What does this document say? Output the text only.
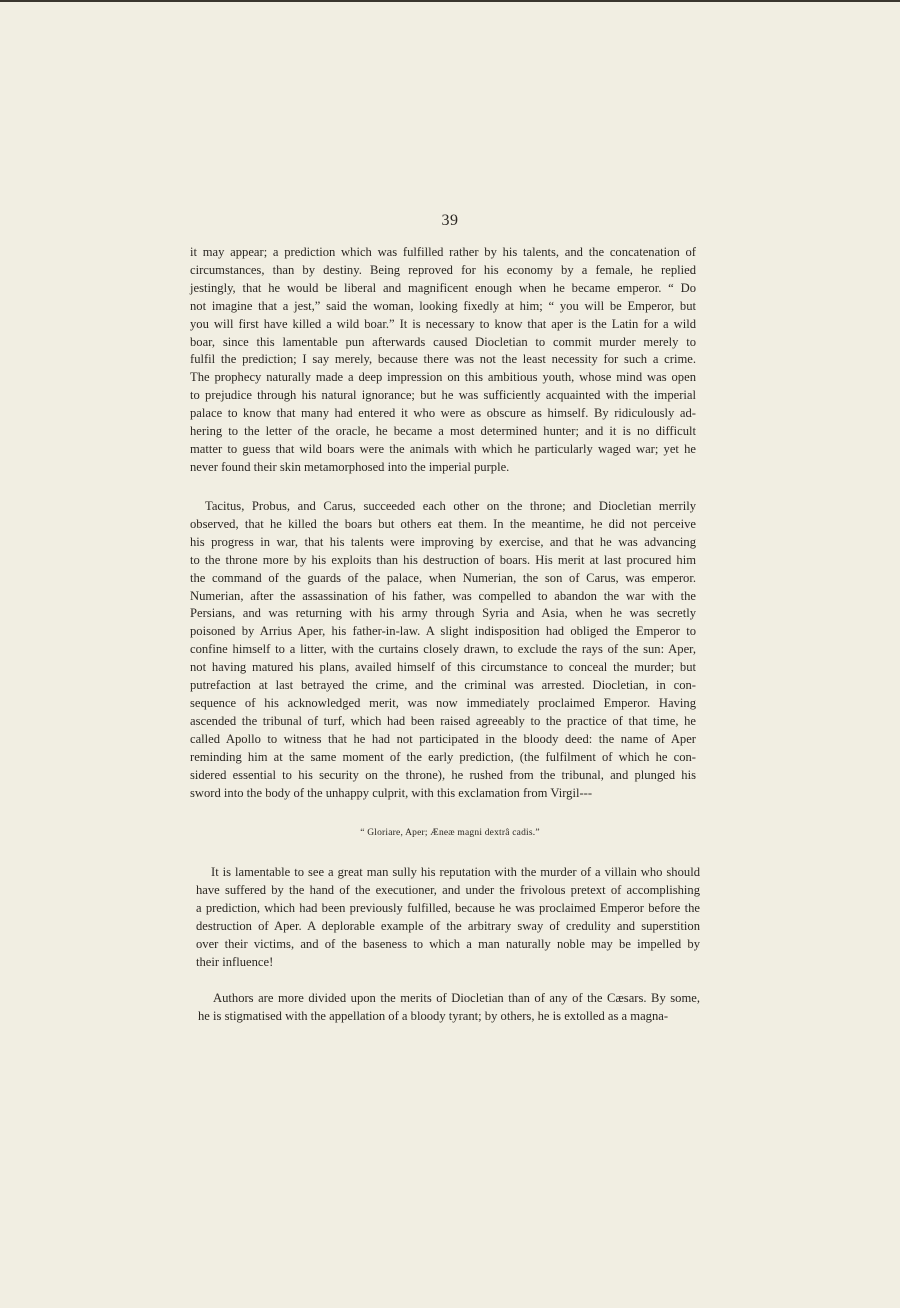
39
it may appear; a prediction which was fulfilled rather by his talents, and the concatenation of
circumstances, than by destiny. Being reproved for his economy by a female, he replied
jestingly, that he would be liberal and magnificent enough when he became emperor. “ Do
not imagine that a jest,” said the woman, looking fixedly at him; “ you will be Emperor, but
you will first have killed a wild boar.” It is necessary to know that aper is the Latin for a wild
boar, since this lamentable pun afterwards caused Diocletian to commit murder merely to
fulfil the prediction; I say merely, because there was not the least necessity for such a crime.
The prophecy naturally made a deep impression on this ambitious youth, whose mind was open
to prejudice through his natural ignorance; but he was sufficiently acquainted with the imperial
palace to know that many had entered it who were as obscure as himself. By ridiculously ad-
hering to the letter of the oracle, he became a most determined hunter; and it is no difficult
matter to guess that wild boars were the animals with which he particularly waged war; yet he
never found their skin metamorphosed into the imperial purple.
Tacitus, Probus, and Carus, succeeded each other on the throne; and Diocletian merrily
observed, that he killed the boars but others eat them. In the meantime, he did not perceive
his progress in war, that his talents were improving by exercise, and that he was advancing
to the throne more by his exploits than his destruction of boars. His merit at last procured him
the command of the guards of the palace, when Numerian, the son of Carus, was emperor.
Numerian, after the assassination of his father, was compelled to abandon the war with the
Persians, and was returning with his army through Syria and Asia, when he was secretly
poisoned by Arrius Aper, his father-in-law. A slight indisposition had obliged the Emperor to
confine himself to a litter, with the curtains closely drawn, to exclude the rays of the sun: Aper,
not having matured his plans, availed himself of this circumstance to conceal the murder; but
putrefaction at last betrayed the crime, and the criminal was arrested. Diocletian, in con-
sequence of his acknowledged merit, was now immediately proclaimed Emperor. Having
ascended the tribunal of turf, which had been raised agreeably to the practice of that time, he
called Apollo to witness that he had not participated in the bloody deed: the name of Aper
reminding him at the same moment of the early prediction, (the fulfilment of which he con-
sidered essential to his security on the throne), he rushed from the tribunal, and plunged his
sword into the body of the unhappy culprit, with this exclamation from Virgil---
“ Gloriare, Aper; Æneæ magni dextrâ cadis.”
It is lamentable to see a great man sully his reputation with the murder of a villain who should
have suffered by the hand of the executioner, and under the frivolous pretext of accomplishing
a prediction, which had been previously fulfilled, because he was proclaimed Emperor before the
destruction of Aper. A deplorable example of the arbitrary sway of credulity and superstition
over their victims, and of the baseness to which a man naturally noble may be impelled by
their influence!
Authors are more divided upon the merits of Diocletian than of any of the Cæsars. By some,
he is stigmatised with the appellation of a bloody tyrant; by others, he is extolled as a magna-
